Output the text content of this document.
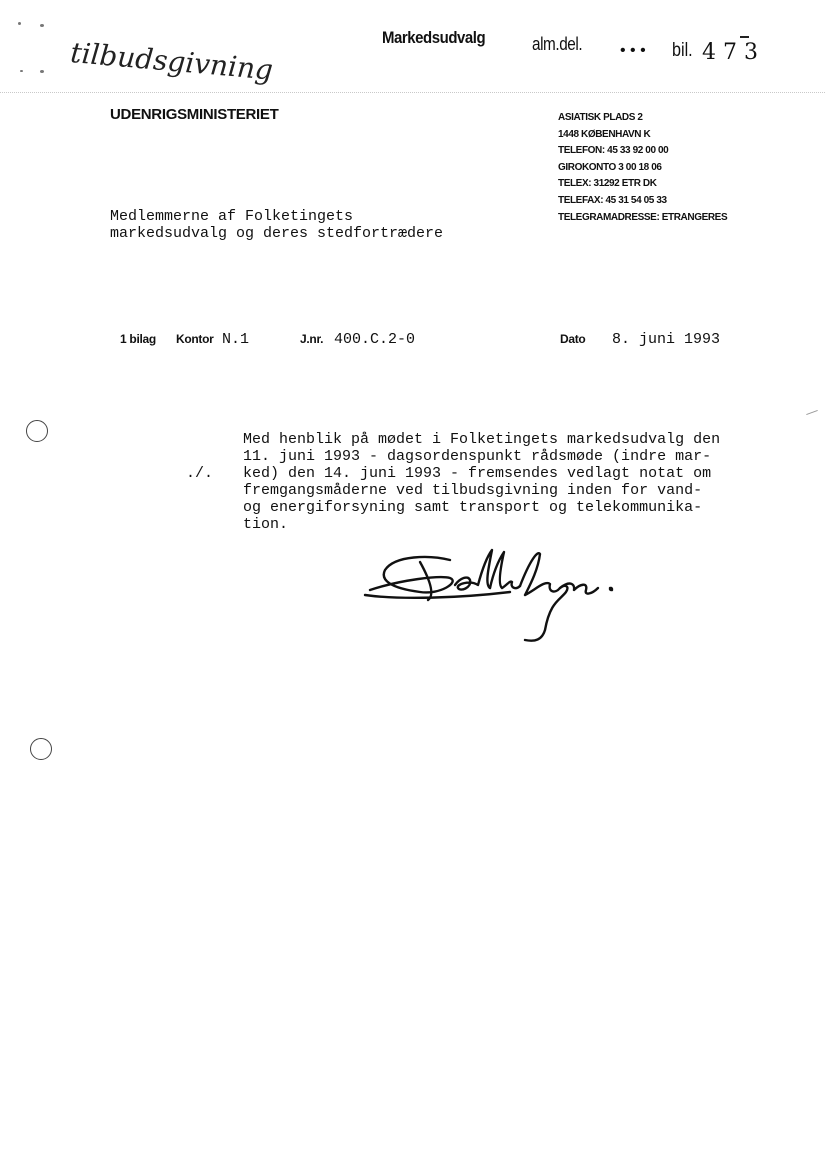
tilbudsgivning	Markedsudvalg	alm.del. • • • bil. 4 7 3
UDENRIGSMINISTERIET	ASIATISK PLADS 2
1448 KØBENHAVN K
TELEFON: 45 33 92 00 00
GIROKONTO 3 00 18 06
TELEX: 31292 ETR DK
TELEFAX: 45 31 54 05 33
TELEGRAMADRESSE: ETRANGERES
Medlemmerne af Folketingets
markedsudvalg og deres stedfortrædere
1 bilag Kontor N.1	J.nr. 400.C.2-0	Dato 8. juni 1993
./.
Med henblik på mødet i Folketingets markedsudvalg den
11. juni 1993 - dagsordenspunkt rådsmøde (indre mar-
ked) den 14. juni 1993 - fremsendes vedlagt notat om
fremgangsmåderne ved tilbudsgivning inden for vand-
og energiforsyning samt transport og telekommunika-
tion.
